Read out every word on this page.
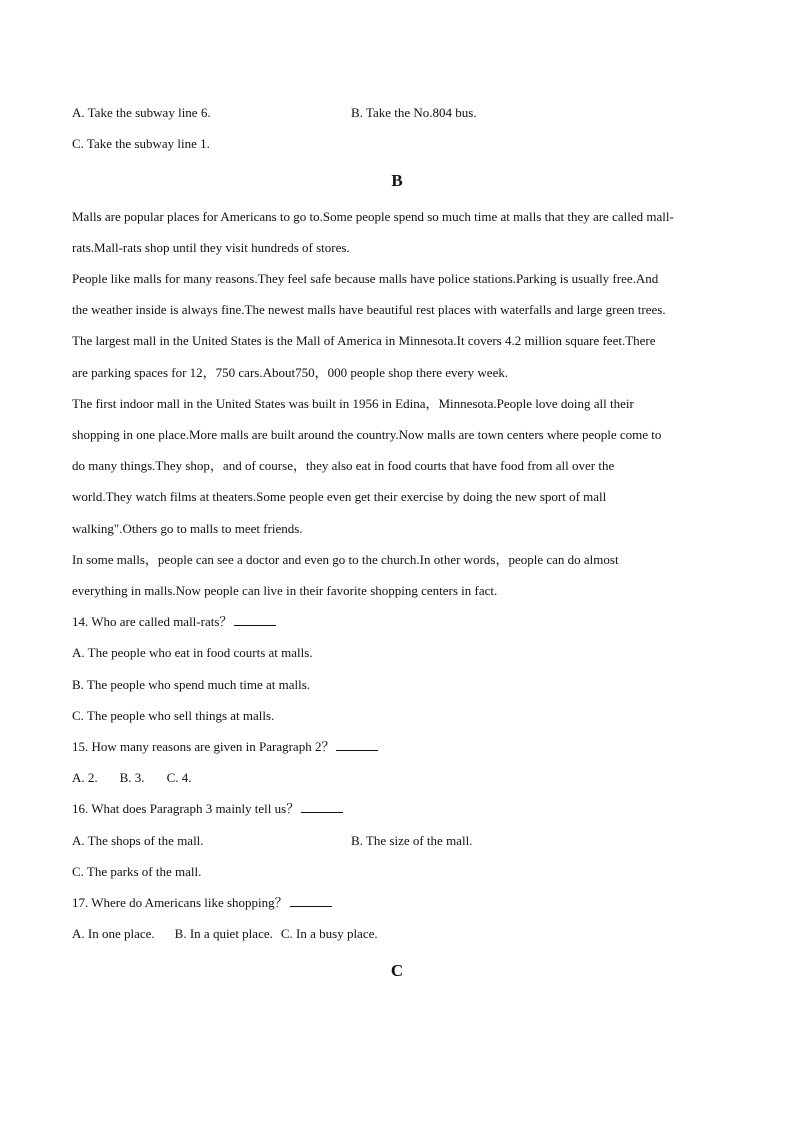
A. Take the subway line 6.	B. Take the No.804 bus.
C. Take the subway line 1.
B
Malls are popular places for Americans to go to.Some people spend so much time at malls that they are called mall-
rats.Mall-rats shop until they visit hundreds of stores.
People like malls for many reasons.They feel safe because malls have police stations.Parking is usually free.And
the weather inside is always fine.The newest malls have beautiful rest places with waterfalls and large green trees.
The largest mall in the United States is the Mall of America in Minnesota.It covers 4.2 million square feet.There
are parking spaces for 12，750 cars.About750，000 people shop there every week.
The first indoor mall in the United States was built in 1956 in Edina，Minnesota.People love doing all their
shopping in one place.More malls are built around the country.Now malls are town centers where people come to
do many things.They shop，and of course，they also eat in food courts that have food from all over the
world.They watch films at theaters.Some people even get their exercise by doing the new sport of mall
walking".Others go to malls to meet friends.
In some malls，people can see a doctor and even go to the church.In other words，people can do almost
everything in malls.Now people can live in their favorite shopping centers in fact.
14. Who are called mall-rats？
A. The people who eat in food courts at malls.
B. The people who spend much time at malls.
C. The people who sell things at malls.
15. How many reasons are given in Paragraph 2？
A. 2. B. 3. C. 4.
16. What does Paragraph 3 mainly tell us？
A. The shops of the mall.	B. The size of the mall.
C. The parks of the mall.
17. Where do Americans like shopping？
A. In one place. B. In a quiet place. C. In a busy place.
C
